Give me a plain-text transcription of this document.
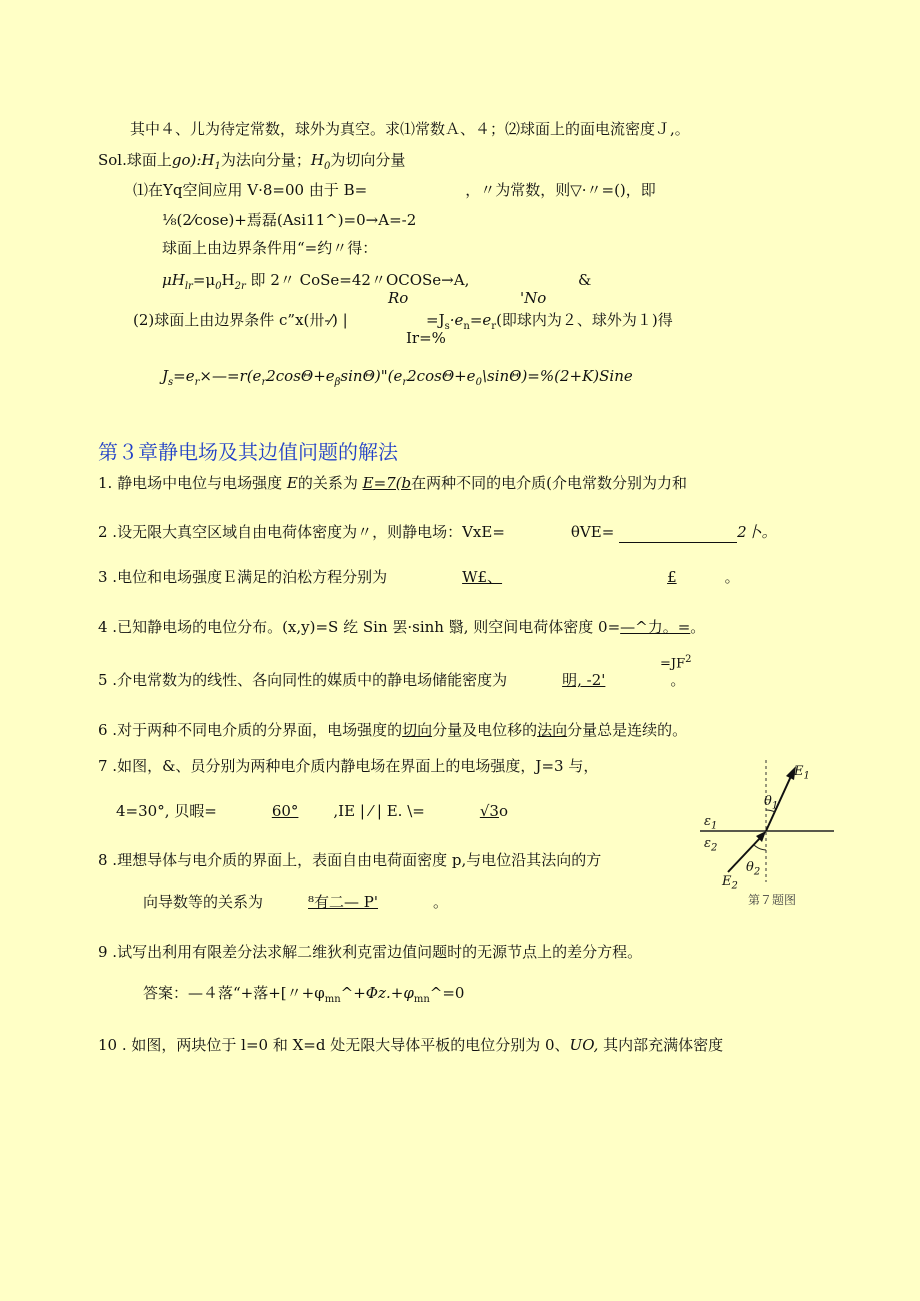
其中４、儿为待定常数，球外为真空。求⑴常数Ａ、４；⑵球面上的面电流密度Ｊ,。
Sol.球面上$go):H_1$为法向分量；$H_0$为切向分量
⑴在Yq空间应用 V·8=00 由于 B=	，〃为常数，则▽·〃=()，即
⅛(2⁄cose)+焉磊(Asi11^)=0→A=-2
球面上由边界条件用“=约〃得：
$\mu H_{lr}=\mu_0H_{2r}$ 即 2〃 CoSe=42〃OCOSe→A,	&
Ro	'No
(2)球面上由边界条件 c”x(卅-⁄) |	$=J_s\cdot e_n=e_r$(即球内为２、球外为１)得
Ir=%
$J_s=e_r\times—=r(e_r2\cos\Theta+e_\beta\sin\Theta)"(e_r2\cos\Theta+e_0\backslash\sin\Theta)=\%(2+K)Sine$
第３章静电场及其边值问题的解法
1. 静电场中电位与电场强度 E的关系为 E=7(b在两种不同的电介质(介电常数分别为力和
2 .设无限大真空区域自由电荷体密度为〃，则静电场：VxE=	θVE=	2卜。
3 .电位和电场强度Ｅ满足的泊松方程分别为	W£、	£	。
4 .已知静电场的电位分布。(x,y)=S 纥 Sin 罢·sinh 翳, 则空间电荷体密度 0=—^力。=。
$=JF^2$
5 .介电常数为的线性、各向同性的媒质中的静电场储能密度为	明, -2'	。
6 .对于两种不同电介质的分界面，电场强度的切向分量及电位移的法向分量总是连续的。
7 .如图，&、员分别为两种电介质内静电场在界面上的电场强度，J=3 与，
4=30°, 贝暇=	60° ,IE | ⁄ | E. \=	√3o
8 .理想导体与电介质的界面上，表面自由电荷面密度 p,与电位沿其法向的方
向导数等的关系为	⁸有二— P'	。
9 .试写出利用有限差分法求解二维狄利克雷边值问题时的无源节点上的差分方程。
答案：—４落“+落+[〃$+\varphi_{mn}\^{}+\Phi z.+\varphi_{mn}\^{}=0$
10 . 如图，两块位于 l=0 和 X=d 处无限大导体平板的电位分别为 0、UO, 其内部充满体密度
$E_1$
$\varepsilon_1$
$\varepsilon_2$
$\theta_1$
$\theta_2$
$E_2$
第７题图
